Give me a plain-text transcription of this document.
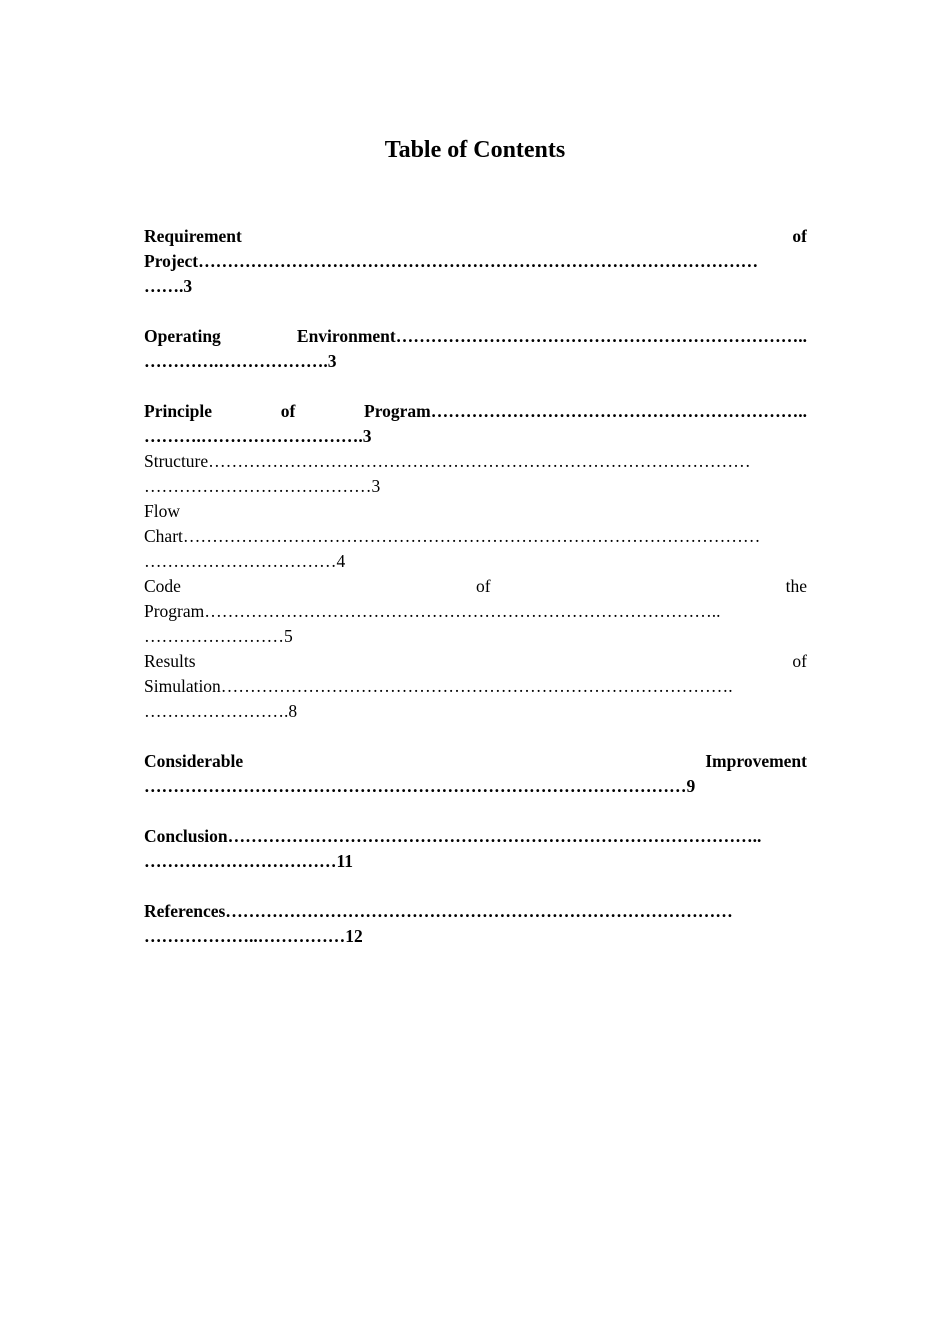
Table of Contents
Requirement	of
Project……………………………………………………………………………………
…….3
Operating	Environment……………………………………………………………..
………….……………….3
Principle	of	Program………………………………………………………..
……….……………………….3
Structure…………………………………………………………………………………
…………………………………3
Flow
Chart………………………………………………………………………………………
……………………………4
Code	of	the
Program……………………………………………………………………………..
……………………5
Results	of
Simulation…………………………………………………………………………….
…………………….8
Considerable	Improvement
…………………………………………………………………………………9
Conclusion………………………………………………………………………………..
……………………………11
References……………………………………………………………………………
………………..……………12
